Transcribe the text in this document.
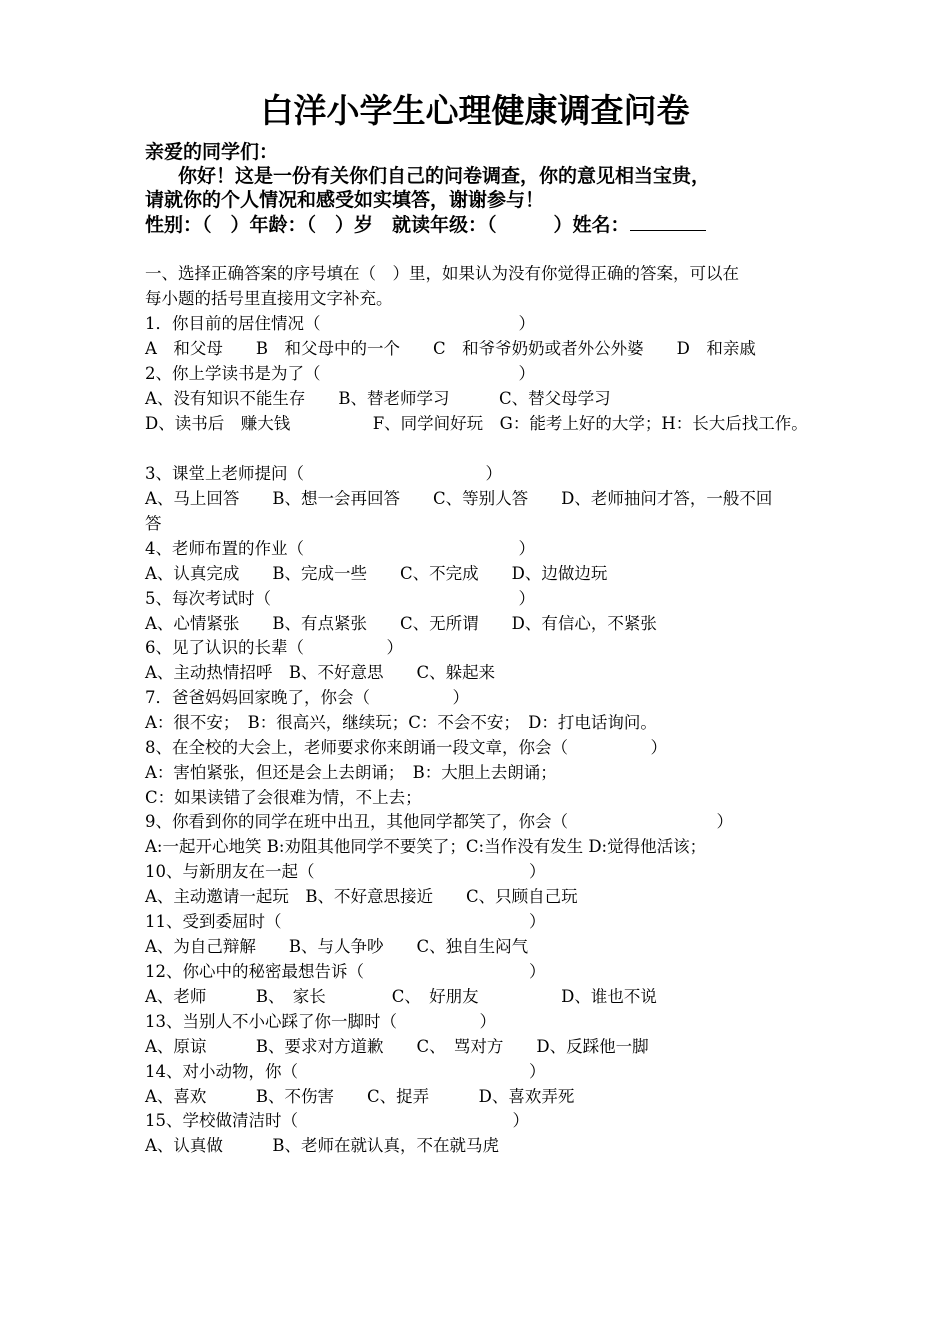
白洋小学生心理健康调查问卷
亲爱的同学们：
你好！这是一份有关你们自己的问卷调查，你的意见相当宝贵，
请就你的个人情况和感受如实填答，谢谢参与！
性别：（　）年龄：（　）岁　就读年级：（　　　）姓名：
一、选择正确答案的序号填在（　）里，如果认为没有你觉得正确的答案，可以在
每小题的括号里直接用文字补充。
1．你目前的居住情况（　　　　　　　　　　　　）
A　和父母　　B　和父母中的一个　　C　和爷爷奶奶或者外公外婆　　D　和亲戚
2、你上学读书是为了（　　　　　　　　　　　　）
A、没有知识不能生存　　B、替老师学习　　　C、替父母学习
D、读书后　赚大钱　　　　　F、同学间好玩　G：能考上好的大学；H：长大后找工作。
3、课堂上老师提问（　　　　　　　　　　　）
A、马上回答　　B、想一会再回答　　C、等别人答　　D、老师抽问才答，一般不回
答
4、老师布置的作业（　　　　　　　　　　　　　）
A、认真完成　　B、完成一些　　C、不完成　　D、边做边玩
5、每次考试时（　　　　　　　　　　　　　　　）
A、心情紧张　　B、有点紧张　　C、无所谓　　D、有信心，不紧张
6、见了认识的长辈（　　　　　）
A、主动热情招呼　B、不好意思　　C、躲起来
7．爸爸妈妈回家晚了，你会（　　　　　）
A：很不安；　B：很高兴，继续玩；C：不会不安；　D：打电话询问。
8、在全校的大会上，老师要求你来朗诵一段文章，你会（　　　　　）
A：害怕紧张，但还是会上去朗诵；　B：大胆上去朗诵；
C：如果读错了会很难为情，不上去；
9、你看到你的同学在班中出丑，其他同学都笑了，你会（　　　　　　　　　）
A:一起开心地笑 B:劝阻其他同学不要笑了；C:当作没有发生 D:觉得他活该；
10、与新朋友在一起（　　　　　　　　　　　　　）
A、主动邀请一起玩　B、不好意思接近　　C、只顾自己玩
11、受到委屈时（　　　　　　　　　　　　　　　）
A、为自己辩解　　B、与人争吵　　C、独自生闷气
12、你心中的秘密最想告诉（　　　　　　　　　　）
A、老师　　　B、　家长　　　　C、　好朋友　　　　　D、谁也不说
13、当别人不小心踩了你一脚时（　　　　　）
A、原谅　　　B、要求对方道歉　　C、　骂对方　　D、反踩他一脚
14、对小动物，你（　　　　　　　　　　　　　　）
A、喜欢　　　B、不伤害　　C、捉弄　　　D、喜欢弄死
15、学校做清洁时（　　　　　　　　　　　　　）
A、认真做　　　B、老师在就认真，不在就马虎
